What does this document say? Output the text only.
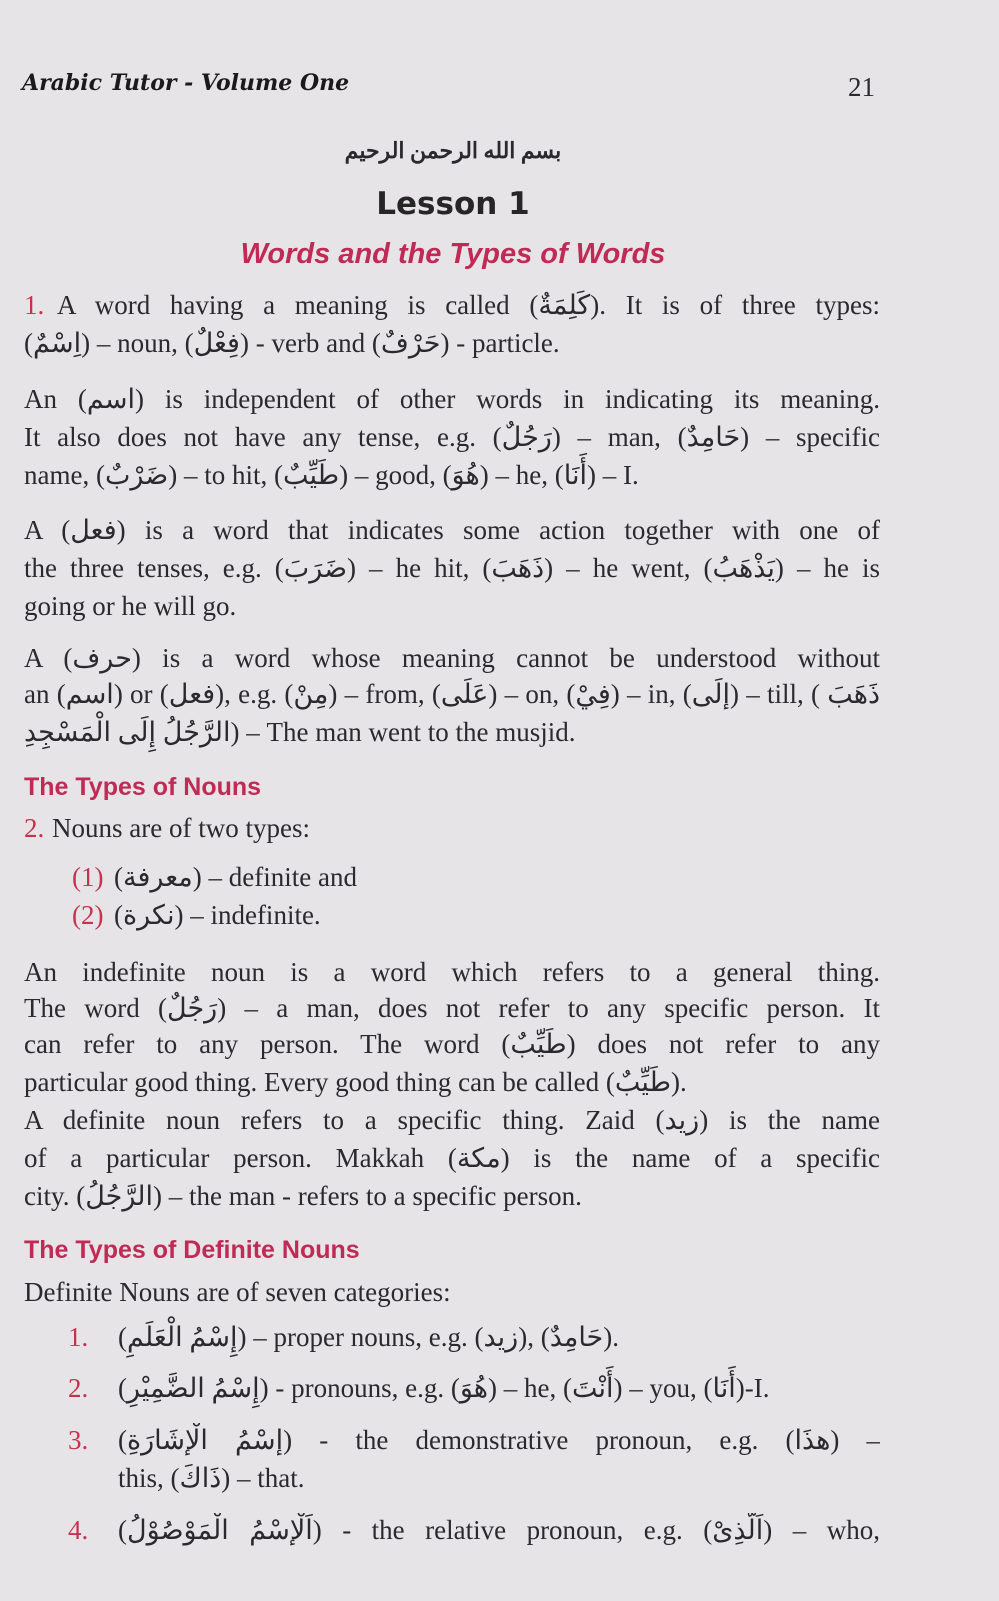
Arabic Tutor - Volume One	21
بسم الله الرحمن الرحيم
Lesson 1
Words and the Types of Words
1. A word having a meaning is called (كَلِمَةٌ). It is of three types:
(اِسْمٌ) – noun, (فِعْلٌ) - verb and (حَرْفٌ) - particle.
An (اسم) is independent of other words in indicating its meaning.
It also does not have any tense, e.g. (رَجُلٌ) – man, (حَامِدٌ) – specific
name, (ضَرْبٌ) – to hit, (طَيِّبٌ) – good, (هُوَ) – he, (أَنَا) – I.
A (فعل) is a word that indicates some action together with one of
the three tenses, e.g. (ضَرَبَ) – he hit, (ذَهَبَ) – he went, (يَذْهَبُ) – he is
going or he will go.
A (حرف) is a word whose meaning cannot be understood without
an (اسم) or (فعل), e.g. (مِنْ) – from, (عَلَى) – on, (فِيْ) – in, (إِلَى) – till, ( ذَهَبَ
الرَّجُلُ إِلَى الْمَسْجِدِ) – The man went to the musjid.
The Types of Nouns
2. Nouns are of two types:
(1) (معرفة) – definite and
(2) (نكرة) – indefinite.
An indefinite noun is a word which refers to a general thing.
The word (رَجُلٌ) – a man, does not refer to any specific person. It
can refer to any person. The word (طَيِّبٌ) does not refer to any
particular good thing. Every good thing can be called (طَيِّبٌ).
A definite noun refers to a specific thing. Zaid (زيد) is the name
of a particular person. Makkah (مكة) is the name of a specific
city. (الرَّجُلُ) – the man - refers to a specific person.
The Types of Definite Nouns
Definite Nouns are of seven categories:
1.	(إِسْمُ الْعَلَمِ) – proper nouns, e.g. (زيد), (حَامِدٌ).
2.	(إِسْمُ الضَّمِيْرِ) - pronouns, e.g. (هُوَ) – he, (أَنْتَ) – you, (أَنَا)-I.
3.	(إِسْمُ الْإِشَارَةِ) - the demonstrative pronoun, e.g. (هذَا) –
this, (ذَاكَ) – that.
4.	(اَلْإِسْمُ الْمَوْصُوْلُ) - the relative pronoun, e.g. (اَلَّذِىْ) – who,
